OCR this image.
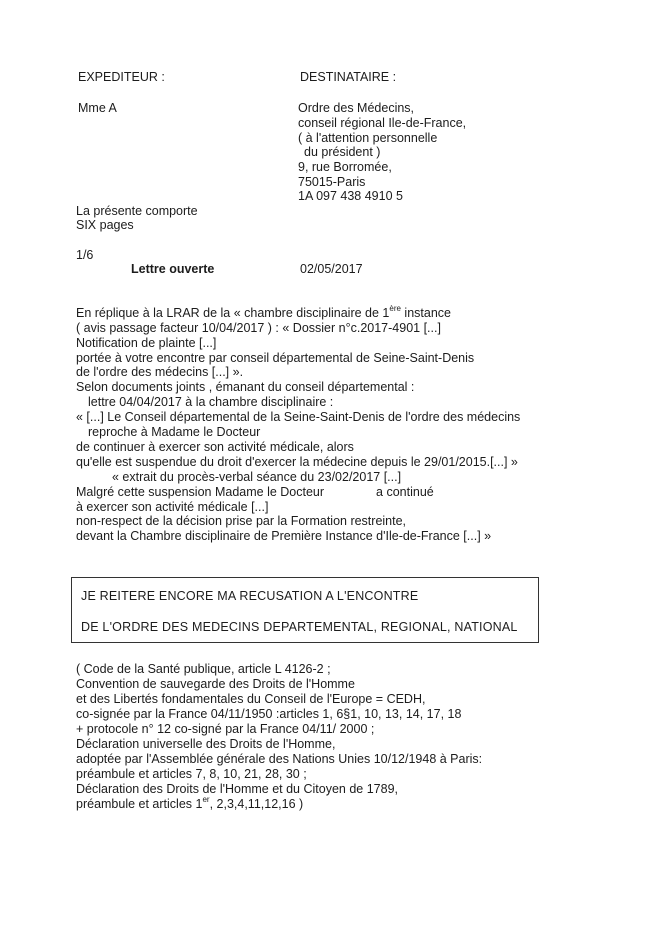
EXPEDITEUR :	DESTINATAIRE :
Mme A	Ordre des Médecins,
conseil régional Ile-de-France,
( à l'attention personnelle
du président )
9, rue Borromée,
75015-Paris
1A 097 438 4910 5
La présente comporte
SIX pages
1/6
Lettre ouverte	02/05/2017
En réplique à la LRAR de la « chambre disciplinaire de 1ère instance
( avis passage facteur 10/04/2017 ) : « Dossier n°c.2017-4901 [...]
Notification de plainte [...]
portée à votre encontre par conseil départemental de Seine-Saint-Denis
de l'ordre des médecins [...] ».
Selon documents joints , émanant du conseil départemental :
lettre 04/04/2017 à la chambre disciplinaire :
« [...] Le Conseil départemental de la Seine-Saint-Denis de l'ordre des médecins
reproche à Madame le Docteur
de continuer à exercer son activité médicale, alors
qu'elle est suspendue du droit d'exercer la médecine depuis le 29/01/2015.[...] »
« extrait du procès-verbal séance du 23/02/2017 [...]
Malgré cette suspension Madame le Docteur	a continué
à exercer son activité médicale [...]
non-respect de la décision prise par la Formation restreinte,
devant la Chambre disciplinaire de Première Instance d'Ile-de-France [...] »
JE REITERE ENCORE MA RECUSATION A L'ENCONTRE
DE L'ORDRE DES MEDECINS DEPARTEMENTAL, REGIONAL, NATIONAL
( Code de la Santé publique, article L 4126-2 ;
Convention de sauvegarde des Droits de l'Homme
et des Libertés fondamentales du Conseil de l'Europe = CEDH,
co-signée par la France 04/11/1950 :articles 1, 6§1, 10, 13, 14, 17, 18
+ protocole n° 12 co-signé par la France 04/11/ 2000 ;
Déclaration universelle des Droits de l'Homme,
adoptée par l'Assemblée générale des Nations Unies 10/12/1948 à Paris:
préambule et articles 7, 8, 10, 21, 28, 30 ;
Déclaration des Droits de l'Homme et du Citoyen de 1789,
préambule et articles 1er, 2,3,4,11,12,16 )
